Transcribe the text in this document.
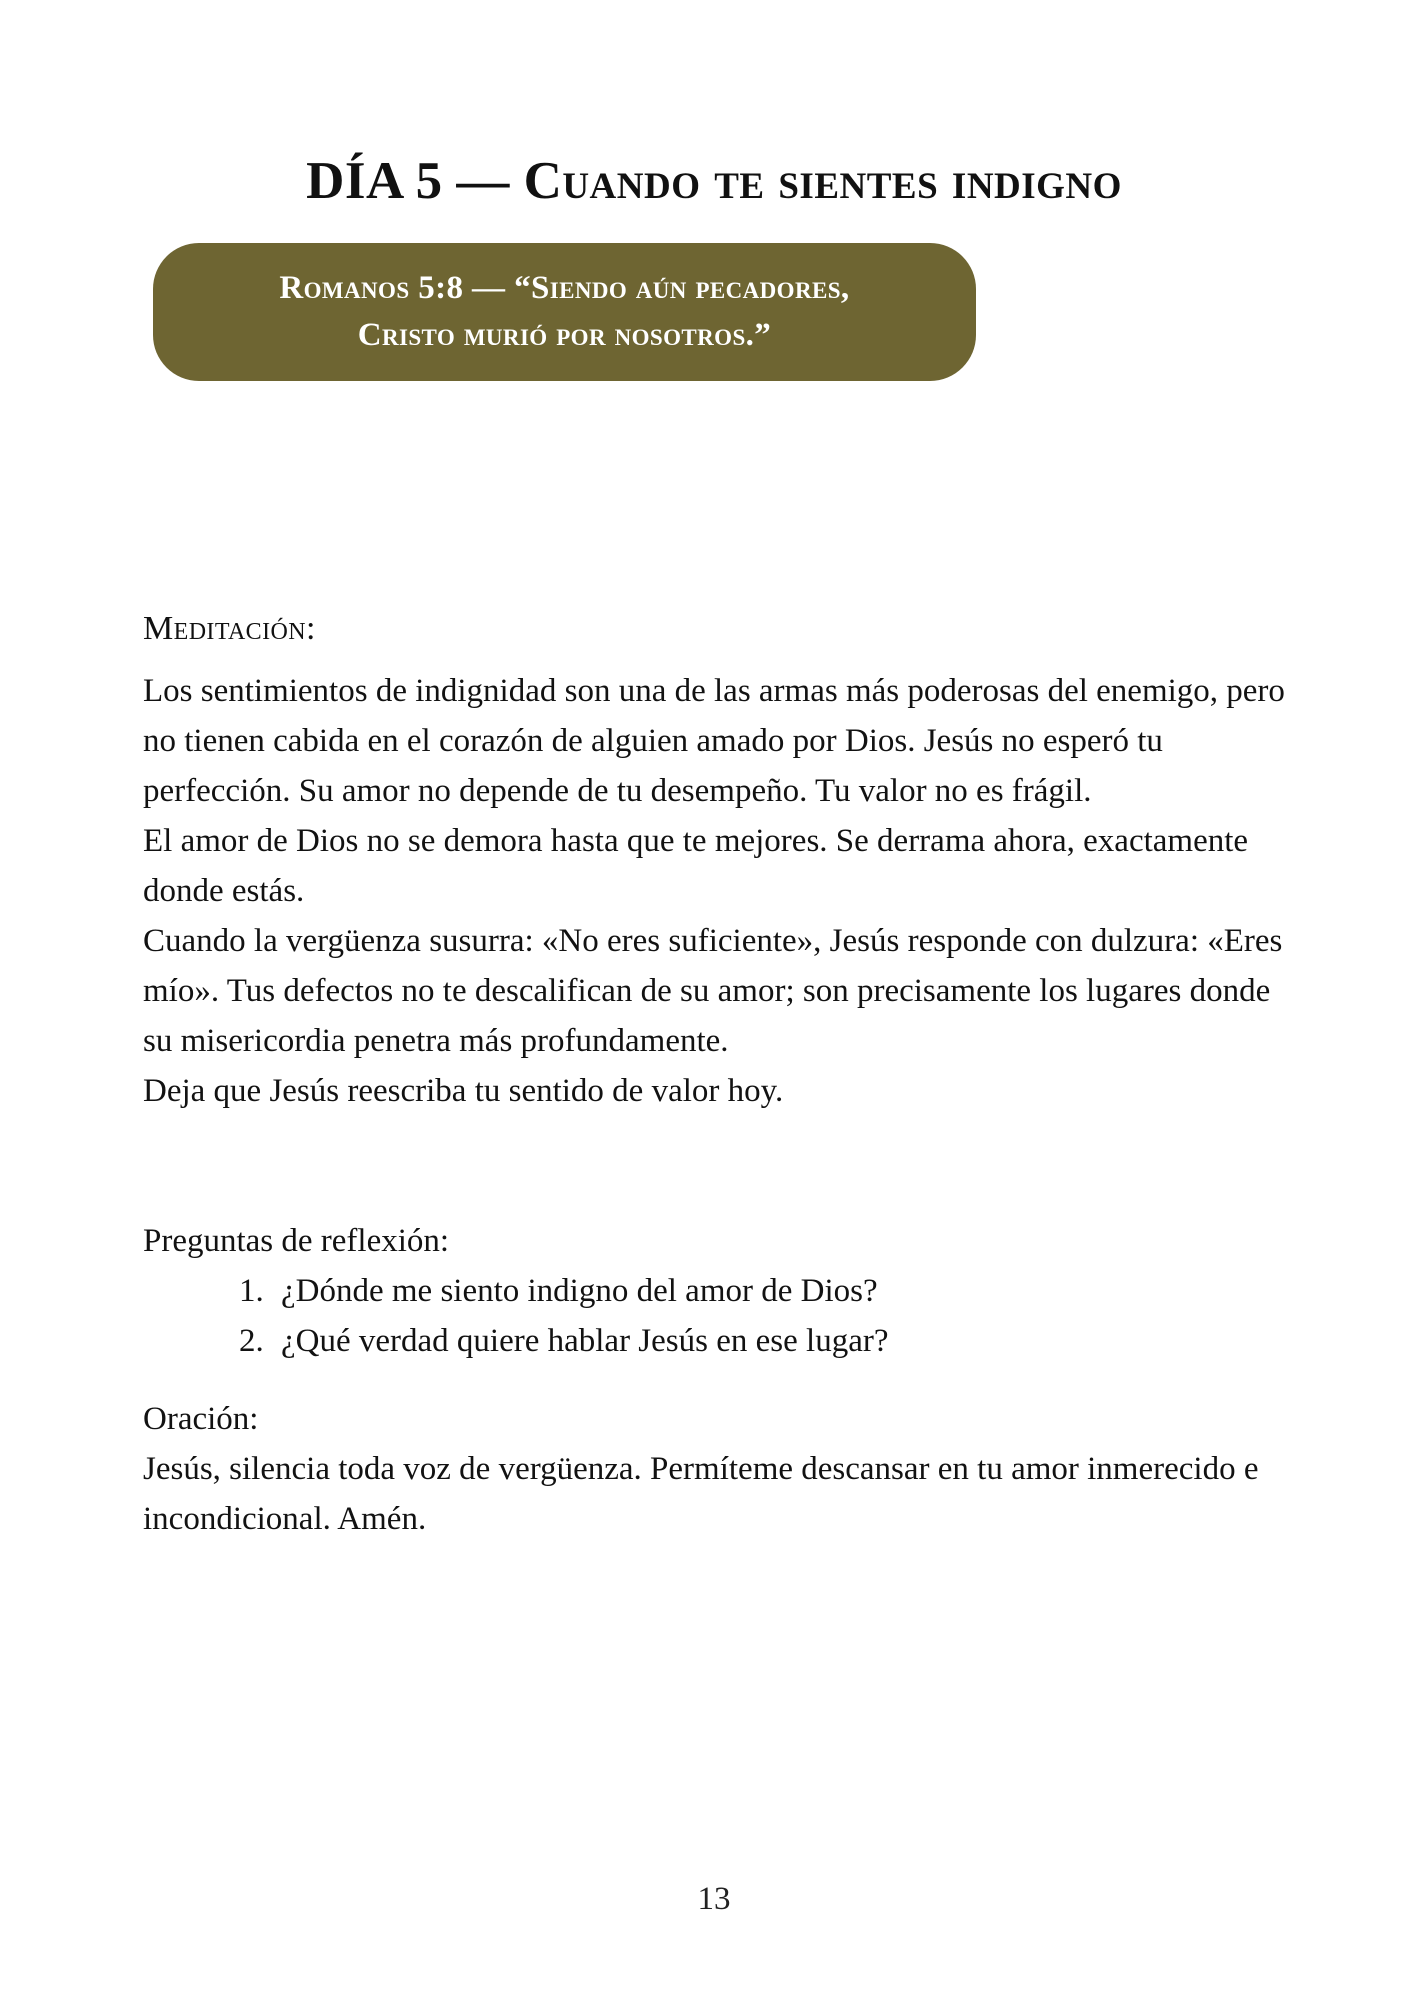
DÍA 5 — Cuando te sientes indigno

Romanos 5:8 — “Siendo aún pecadores,
Cristo murió por nosotros.”

Meditación:

Los sentimientos de indignidad son una de las armas más poderosas del enemigo, pero no tienen cabida en el corazón de alguien amado por Dios. Jesús no esperó tu perfección. Su amor no depende de tu desempeño. Tu valor no es frágil.

El amor de Dios no se demora hasta que te mejores. Se derrama ahora, exactamente donde estás.

Cuando la vergüenza susurra: «No eres suficiente», Jesús responde con dulzura: «Eres mío». Tus defectos no te descalifican de su amor; son precisamente los lugares donde su misericordia penetra más profundamente.

Deja que Jesús reescriba tu sentido de valor hoy.

Preguntas de reflexión:

1. ¿Dónde me siento indigno del amor de Dios?
2. ¿Qué verdad quiere hablar Jesús en ese lugar?

Oración:

Jesús, silencia toda voz de vergüenza. Permíteme descansar en tu amor inmerecido e incondicional. Amén.

13
